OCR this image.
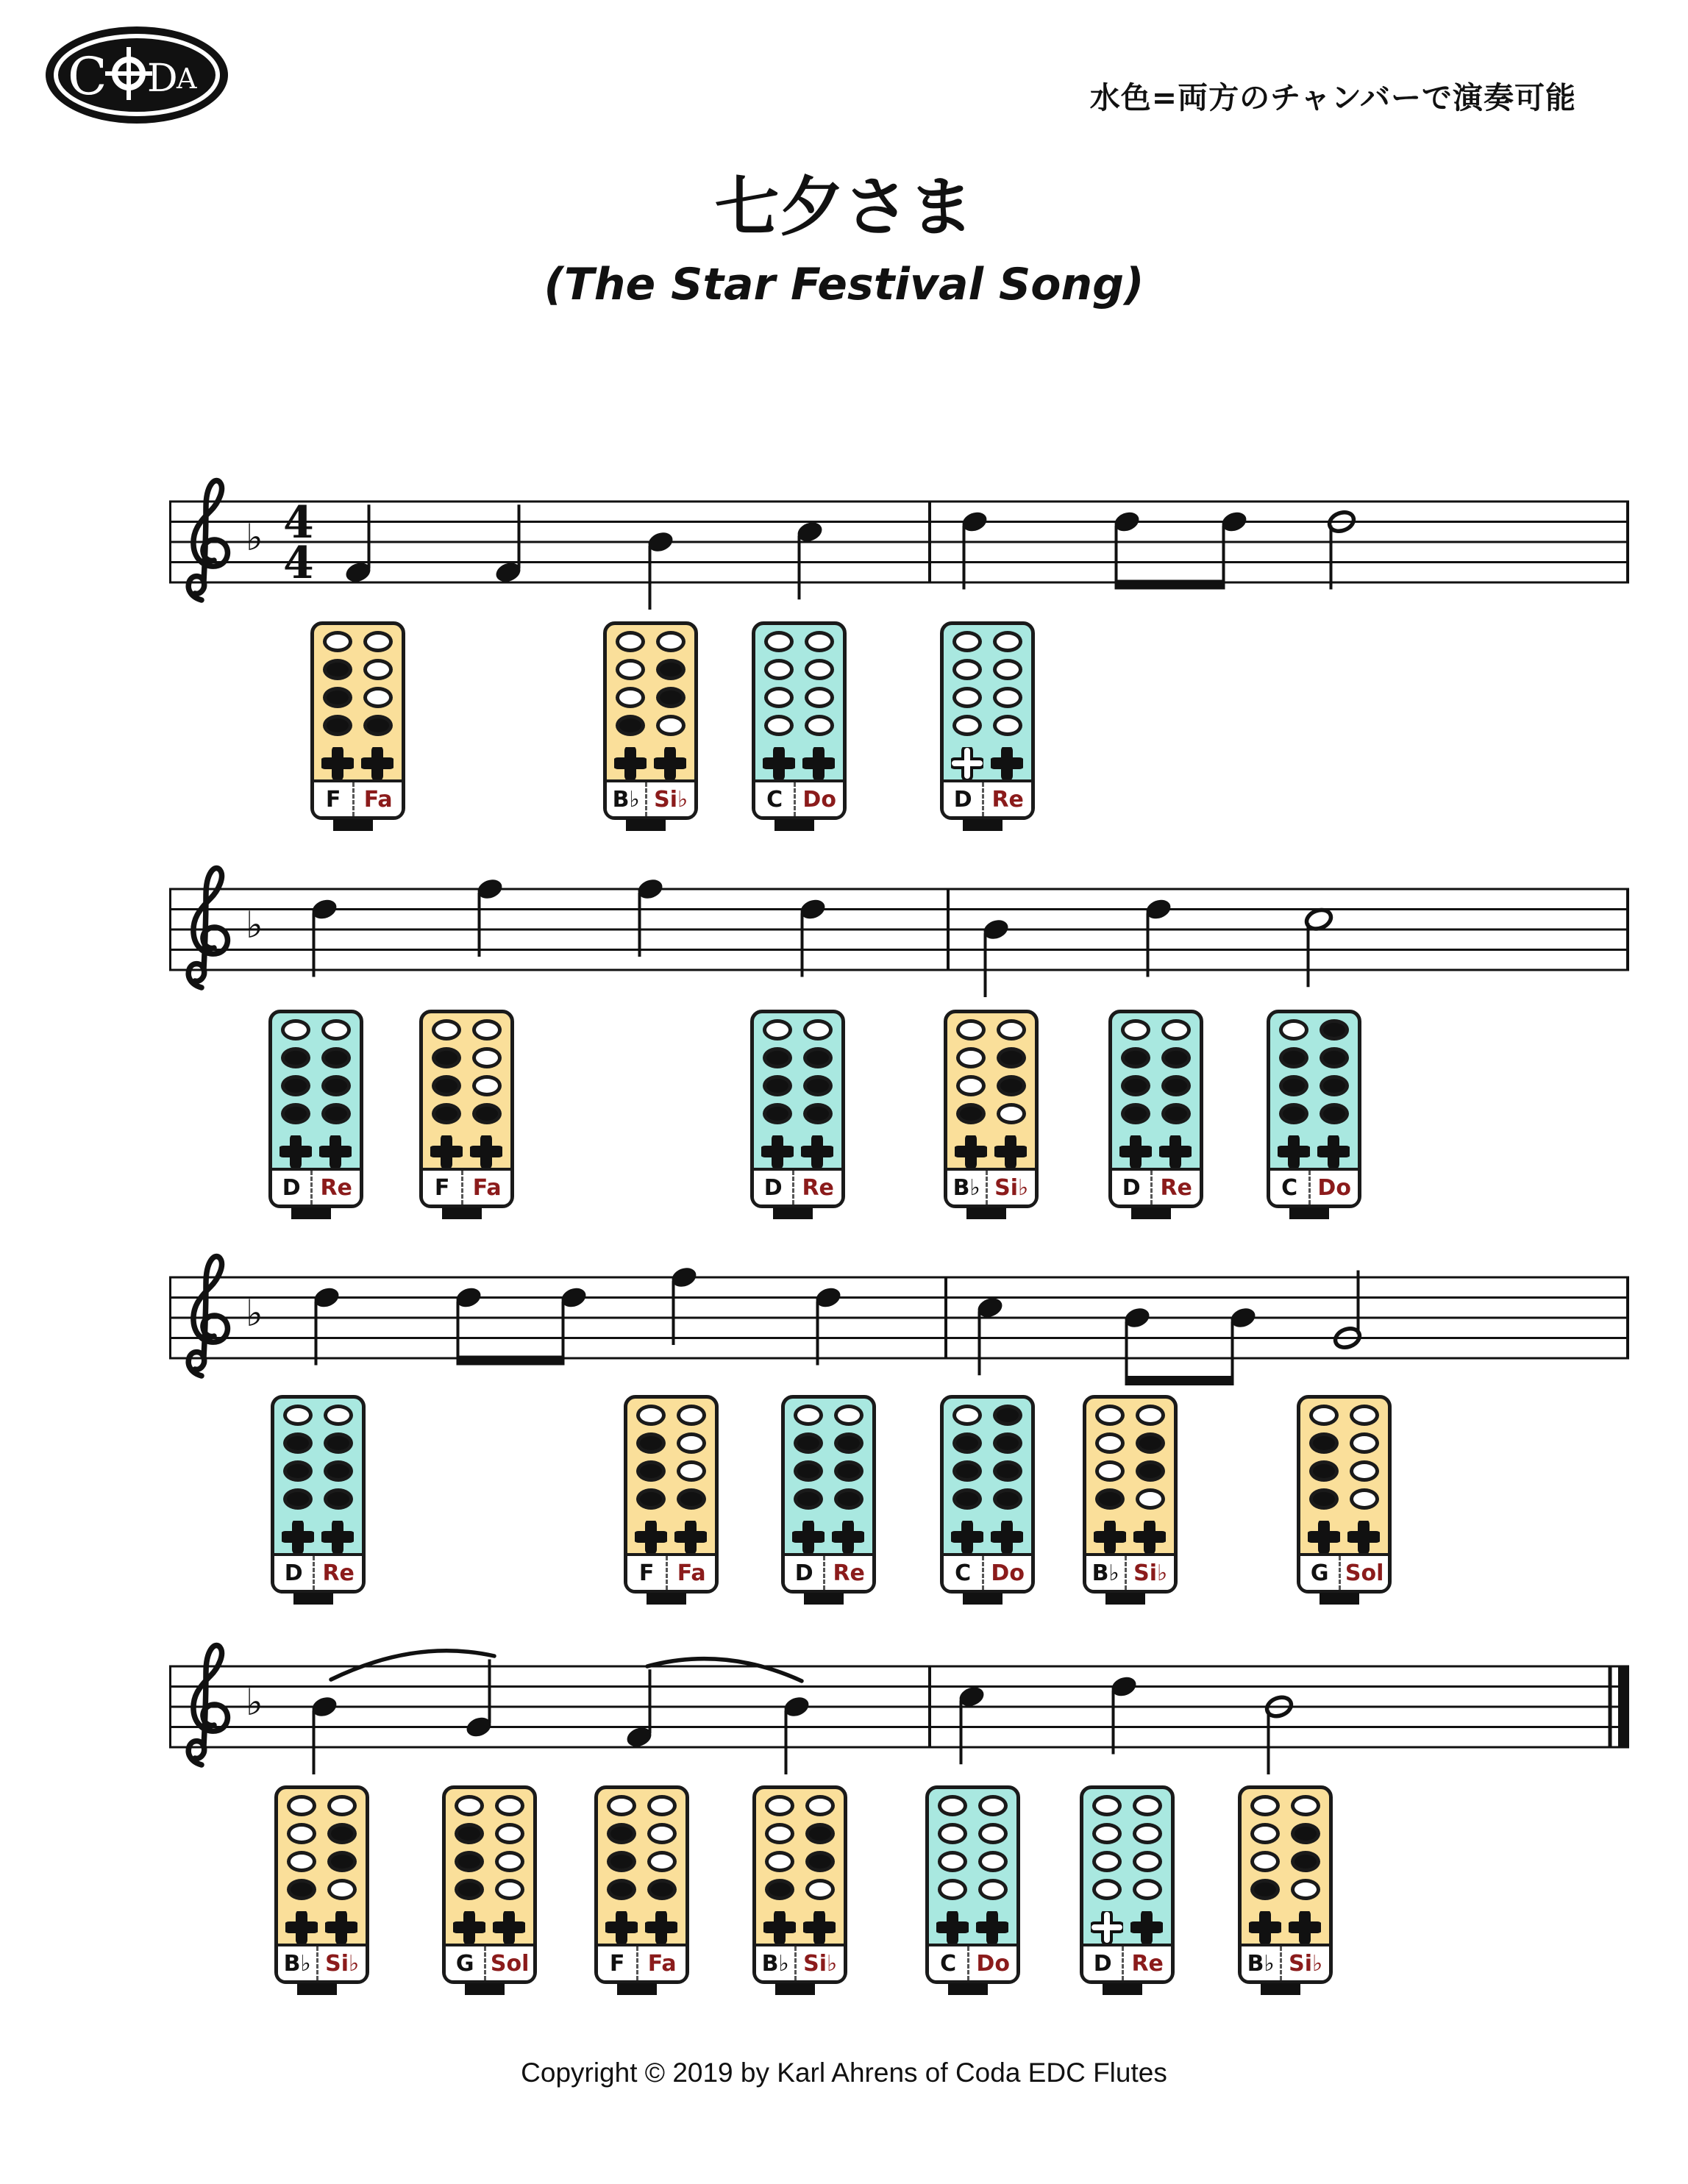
C D
A
水色=両方のチャンバーで演奏可能
七夕さま
(The Star Festival Song)
♭ 4
4
♭
♭
♭
F	Fa	B♭ Si♭	C Do	D Re
D Re	F	Fa	D Re	B♭ Si♭	D Re	C Do
D Re	F	Fa	D Re	C Do	B♭ Si♭	G Sol
B♭ Si♭	G Sol	F	Fa	B♭ Si♭	C Do	D Re	B♭ Si♭
Copyright © 2019 by Karl Ahrens of Coda EDC Flutes
